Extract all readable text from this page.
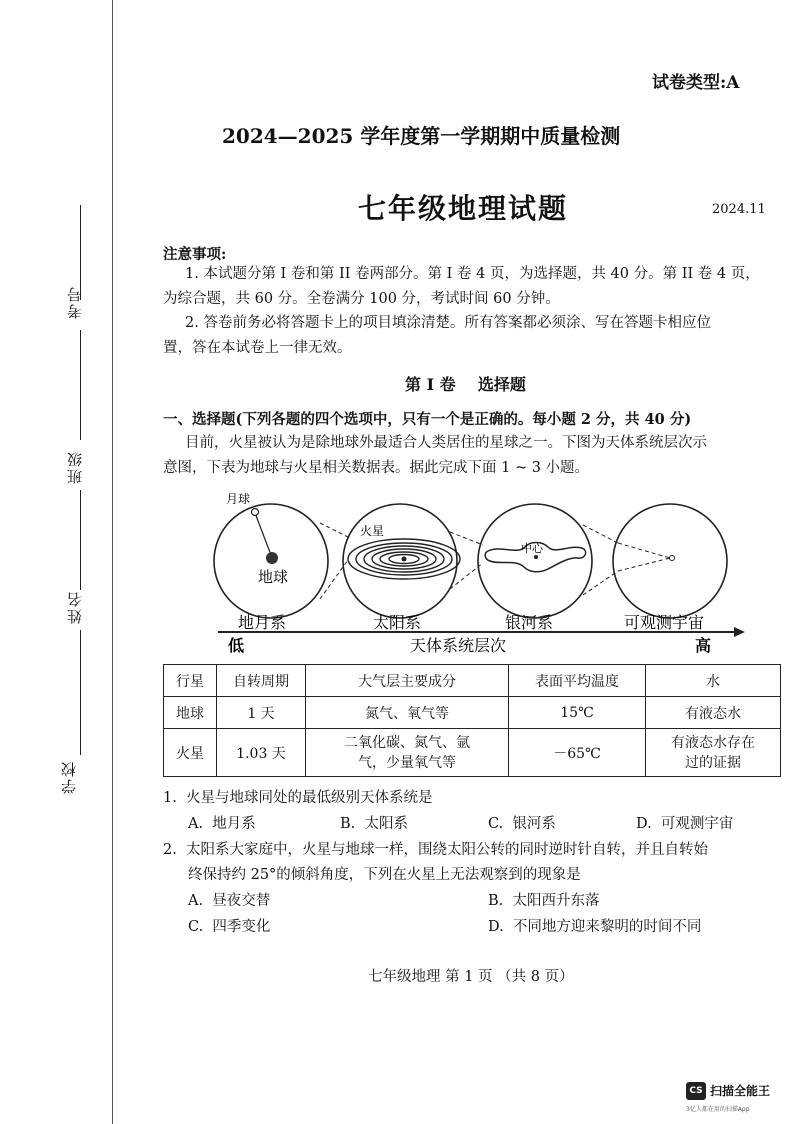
考号
班级
姓名
学校
试卷类型:A
2024—2025 学年度第一学期期中质量检测
七年级地理试题	2024.11
注意事项:
1. 本试题分第 I 卷和第 II 卷两部分。第 I 卷 4 页，为选择题，共 40 分。第 II 卷 4 页，
为综合题，共 60 分。全卷满分 100 分，考试时间 60 分钟。
2. 答卷前务必将答题卡上的项目填涂清楚。所有答案都必须涂、写在答题卡相应位
置，答在本试卷上一律无效。
第 I 卷    选择题
一、选择题(下列各题的四个选项中，只有一个是正确的。每小题 2 分，共 40 分)
目前，火星被认为是除地球外最适合人类居住的星球之一。下图为天体系统层次示
意图，下表为地球与火星相关数据表。据此完成下面 1 ~ 3 小题。
月球
地球
火星
中心
地月系	太阳系	银河系	可观测宇宙
低	天体系统层次	高
行星	自转周期	大气层主要成分	表面平均温度	水
地球	1 天	氮气、氧气等	15℃	有液态水
火星	1.03 天	二氧化碳、氮气、氩气，少量氧气等	－65℃	有液态水存在过的证据
1.  火星与地球同处的最低级别天体系统是
A.  地月系	B.  太阳系	C.  银河系	D.  可观测宇宙
2.  太阳系大家庭中，火星与地球一样，围绕太阳公转的同时逆时针自转，并且自转始
终保持约 25°的倾斜角度，下列在火星上无法观察到的现象是
A.  昼夜交替	B.  太阳西升东落
C.  四季变化	D.  不同地方迎来黎明的时间不同
七年级地理 第 1 页 （共 8 页）
CS 扫描全能王
3亿人都在用的扫描App
